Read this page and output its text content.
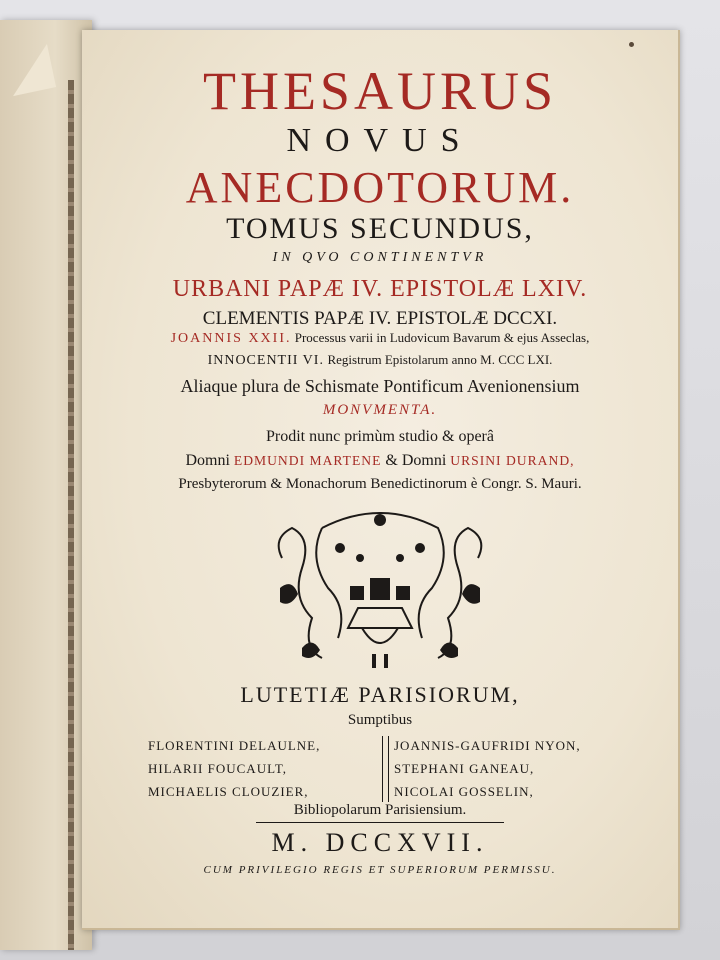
THESAURUS
NOVUS
ANECDOTORUM.
TOMUS SECUNDUS,
IN QVO CONTINENTVR
URBANI PAPÆ IV. EPISTOLÆ LXIV.
CLEMENTIS PAPÆ IV. EPISTOLÆ DCCXI.
JOANNIS XXII. Processus varii in Ludovicum Bavarum & ejus Asseclas,
INNOCENTII VI. Registrum Epistolarum anno M. CCC LXI.
Aliaque plura de Schismate Pontificum Avenionensium
MONVMENTA.
Prodit nunc primùm studio & operâ
Domni EDMUNDI MARTENE & Domni URSINI DURAND,
Presbyterorum & Monachorum Benedictinorum è Congr. S. Mauri.
LUTETIÆ PARISIORUM,
Sumptibus
FLORENTINI DELAULNE,
HILARII FOUCAULT,
MICHAELIS CLOUZIER,
JOANNIS-GAUFRIDI NYON,
STEPHANI GANEAU,
NICOLAI GOSSELIN,
Bibliopolarum Parisiensium.
M. DCCXVII.
CUM PRIVILEGIO REGIS ET SUPERIORUM PERMISSU.
